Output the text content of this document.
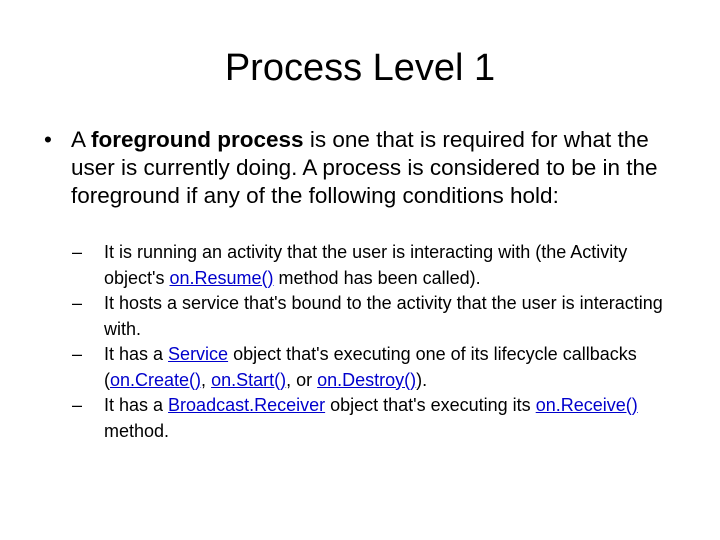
Process Level 1
• A foreground process is one that is required for what the user is currently doing. A process is considered to be in the foreground if any of the following conditions hold:
–	It is running an activity that the user is interacting with (the Activity object's on.Resume() method has been called).
–	It hosts a service that's bound to the activity that the user is interacting with.
–	It has a Service object that's executing one of its lifecycle callbacks (on.Create(), on.Start(), or on.Destroy()).
–	It has a Broadcast.Receiver object that's executing its on.Receive() method.
